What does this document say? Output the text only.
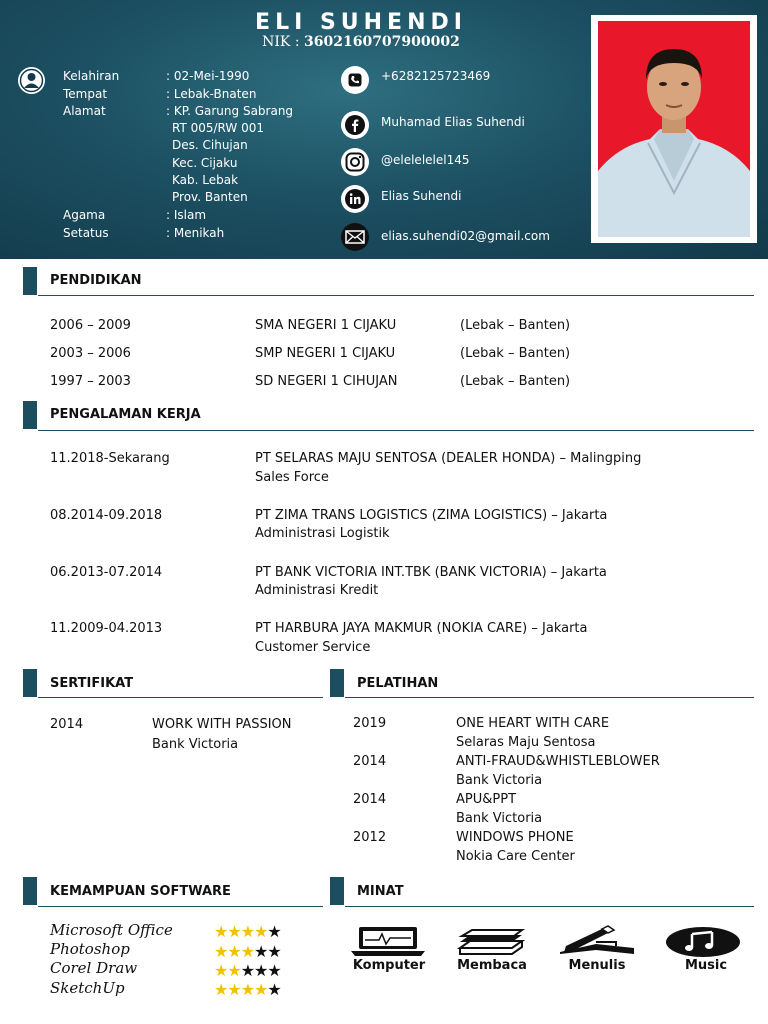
ELI SUHENDI
NIK : 3602160707900002
Kelahiran	: 02-Mei-1990
Tempat	: Lebak-Bnaten
Alamat	: KP. Garung Sabrang
RT 005/RW 001
Des. Cihujan
Kec. Cijaku
Kab. Lebak
Prov. Banten
Agama	: Islam
Setatus	: Menikah
+6282125723469
Muhamad Elias Suhendi
@elelelelel145
Elias Suhendi
elias.suhendi02@gmail.com
PENDIDIKAN
2006 – 2009	SMA NEGERI 1 CIJAKU	(Lebak – Banten)
2003 – 2006	SMP NEGERI 1 CIJAKU	(Lebak – Banten)
1997 – 2003	SD NEGERI 1 CIHUJAN	(Lebak – Banten)
PENGALAMAN KERJA
11.2018-Sekarang	PT SELARAS MAJU SENTOSA (DEALER HONDA) – Malingping
Sales Force
08.2014-09.2018	PT ZIMA TRANS LOGISTICS (ZIMA LOGISTICS) – Jakarta
Administrasi Logistik
06.2013-07.2014	PT BANK VICTORIA INT.TBK (BANK VICTORIA) – Jakarta
Administrasi Kredit
11.2009-04.2013	PT HARBURA JAYA MAKMUR (NOKIA CARE) – Jakarta
Customer Service
SERTIFIKAT
2014	WORK WITH PASSION
Bank Victoria
PELATIHAN
2019	ONE HEART WITH CARE
Selaras Maju Sentosa
2014	ANTI-FRAUD&WHISTLEBLOWER
Bank Victoria
2014	APU&PPT
Bank Victoria
2012	WINDOWS PHONE
Nokia Care Center
KEMAMPUAN SOFTWARE
Microsoft Office	★★★★★
Photoshop	★★★★★
Corel Draw	★★★★★
SketchUp	★★★★★
MINAT
Komputer	Membaca	Menulis	Music
